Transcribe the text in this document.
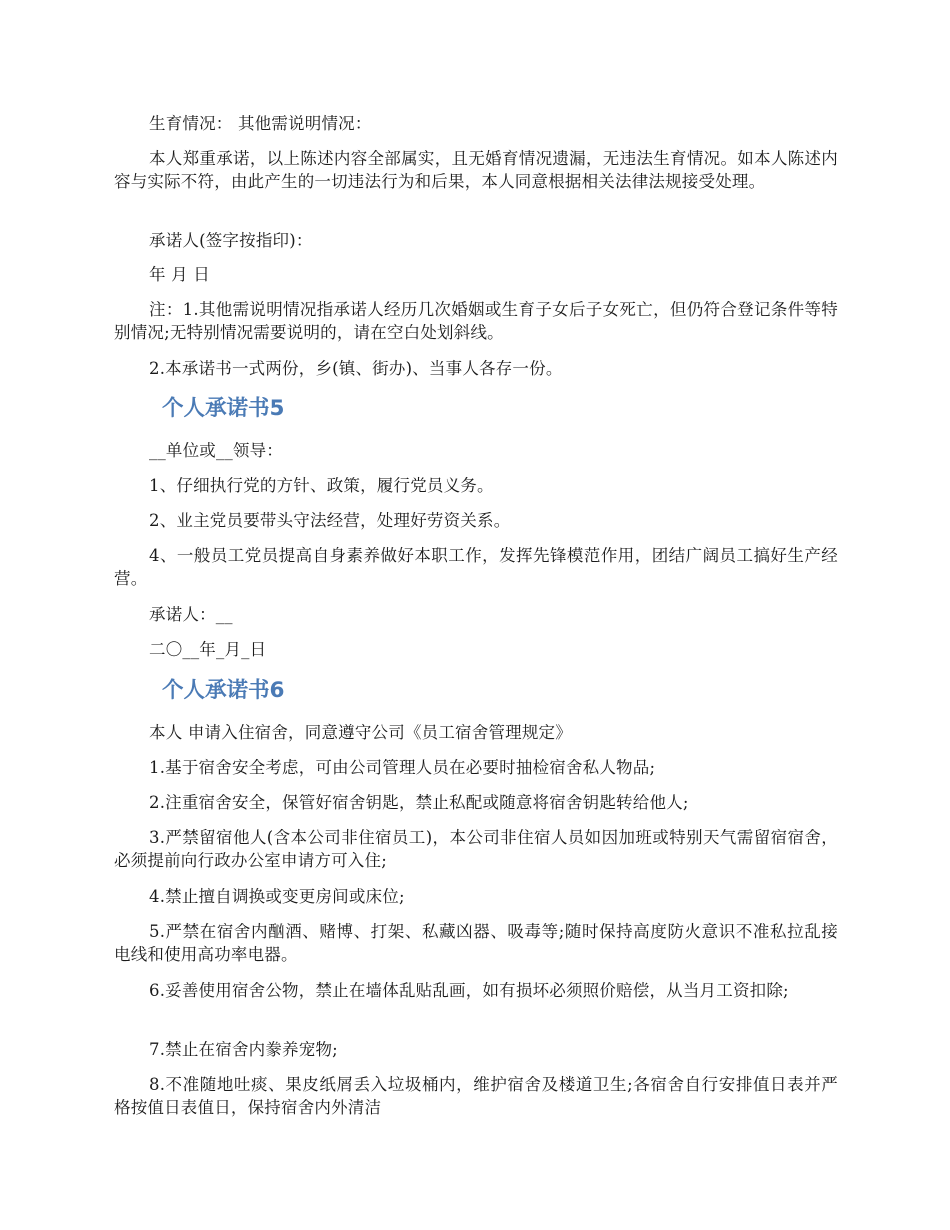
生育情况： 其他需说明情况：

本人郑重承诺，以上陈述内容全部属实，且无婚育情况遗漏，无违法生育情况。如本人陈述内容与实际不符，由此产生的一切违法行为和后果，本人同意根据相关法律法规接受处理。

承诺人(签字按指印)：

年 月 日

注：1.其他需说明情况指承诺人经历几次婚姻或生育子女后子女死亡，但仍符合登记条件等特别情况;无特别情况需要说明的，请在空白处划斜线。

2.本承诺书一式两份，乡(镇、街办)、当事人各存一份。

个人承诺书5

__单位或__领导：

1、仔细执行党的方针、政策，履行党员义务。

2、业主党员要带头守法经营，处理好劳资关系。

4、一般员工党员提高自身素养做好本职工作，发挥先锋模范作用，团结广阔员工搞好生产经营。

承诺人：__

二〇__年_月_日

个人承诺书6

本人 申请入住宿舍，同意遵守公司《员工宿舍管理规定》

1.基于宿舍安全考虑，可由公司管理人员在必要时抽检宿舍私人物品;

2.注重宿舍安全，保管好宿舍钥匙，禁止私配或随意将宿舍钥匙转给他人;

3.严禁留宿他人(含本公司非住宿员工)，本公司非住宿人员如因加班或特别天气需留宿宿舍，必须提前向行政办公室申请方可入住;

4.禁止擅自调换或变更房间或床位;

5.严禁在宿舍内酗酒、赌博、打架、私藏凶器、吸毒等;随时保持高度防火意识不准私拉乱接电线和使用高功率电器。

6.妥善使用宿舍公物，禁止在墙体乱贴乱画，如有损坏必须照价赔偿，从当月工资扣除;

7.禁止在宿舍内豢养宠物;

8.不准随地吐痰、果皮纸屑丢入垃圾桶内，维护宿舍及楼道卫生;各宿舍自行安排值日表并严格按值日表值日，保持宿舍内外清洁
